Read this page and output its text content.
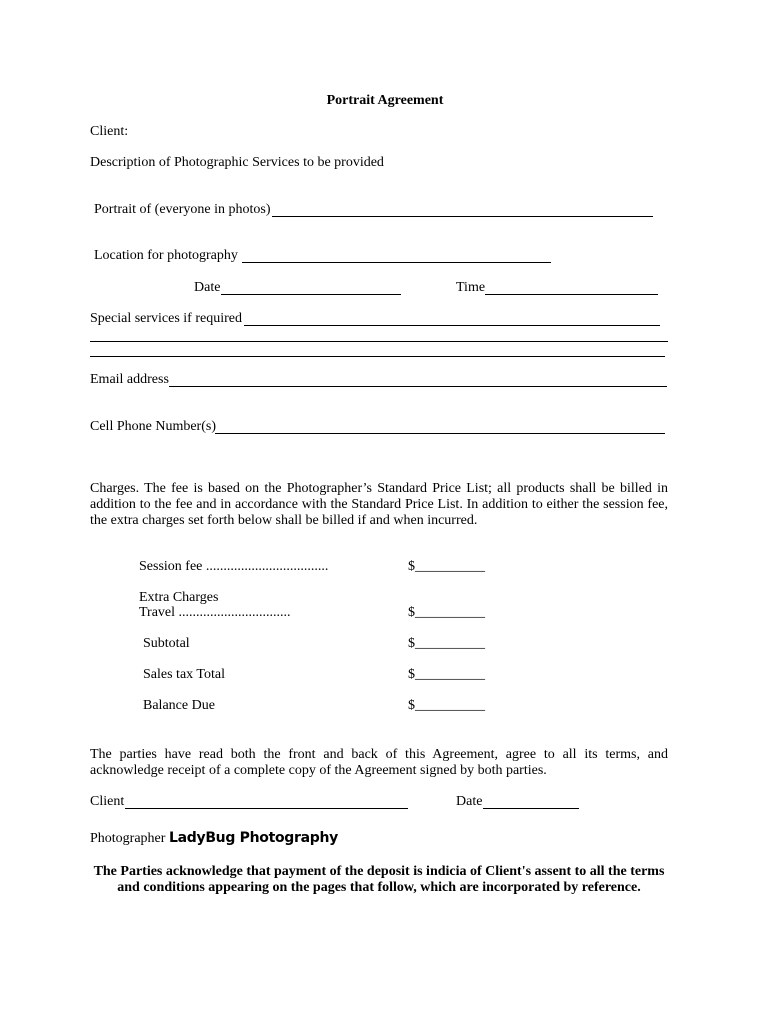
Portrait Agreement
Client:
Description of Photographic Services to be provided
Portrait of (everyone in photos)
Location for photography
Date	Time
Special services if required
Email address
Cell Phone Number(s)
Charges. The fee is based on the Photographer’s Standard Price List; all products shall be billed in addition to the fee and in accordance with the Standard Price List. In addition to either the session fee, the extra charges set forth below shall be billed if and when incurred.
Session fee ...................................	$__________
Extra Charges
Travel ................................	$__________
Subtotal	$__________
Sales tax Total	$__________
Balance Due	$__________
The parties have read both the front and back of this Agreement, agree to all its terms, and acknowledge receipt of a complete copy of the Agreement signed by both parties.
Client	Date
Photographer LadyBug Photography
The Parties acknowledge that payment of the deposit is indicia of Client's assent to all the terms and conditions appearing on the pages that follow, which are incorporated by reference.
